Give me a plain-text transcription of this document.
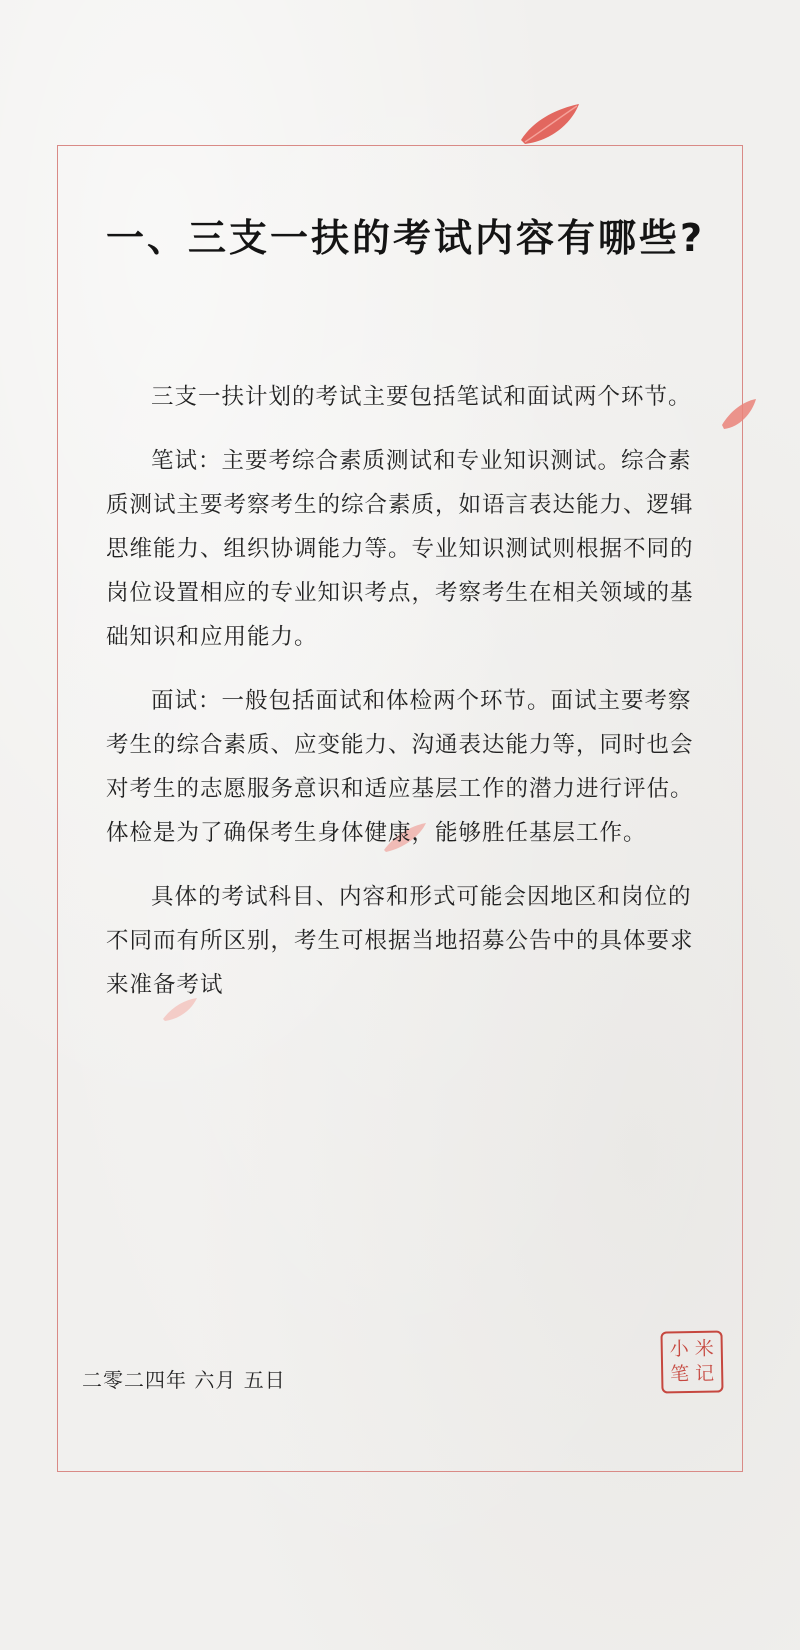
一、三支一扶的考试内容有哪些?

三支一扶计划的考试主要包括笔试和面试两个环节。

笔试：主要考综合素质测试和专业知识测试。综合素质测试主要考察考生的综合素质，如语言表达能力、逻辑思维能力、组织协调能力等。专业知识测试则根据不同的岗位设置相应的专业知识考点，考察考生在相关领域的基础知识和应用能力。

面试：一般包括面试和体检两个环节。面试主要考察考生的综合素质、应变能力、沟通表达能力等，同时也会对考生的志愿服务意识和适应基层工作的潜力进行评估。体检是为了确保考生身体健康，能够胜任基层工作。

具体的考试科目、内容和形式可能会因地区和岗位的不同而有所区别，考生可根据当地招募公告中的具体要求来准备考试

二零二四年 六月 五日
小 米
笔 记
